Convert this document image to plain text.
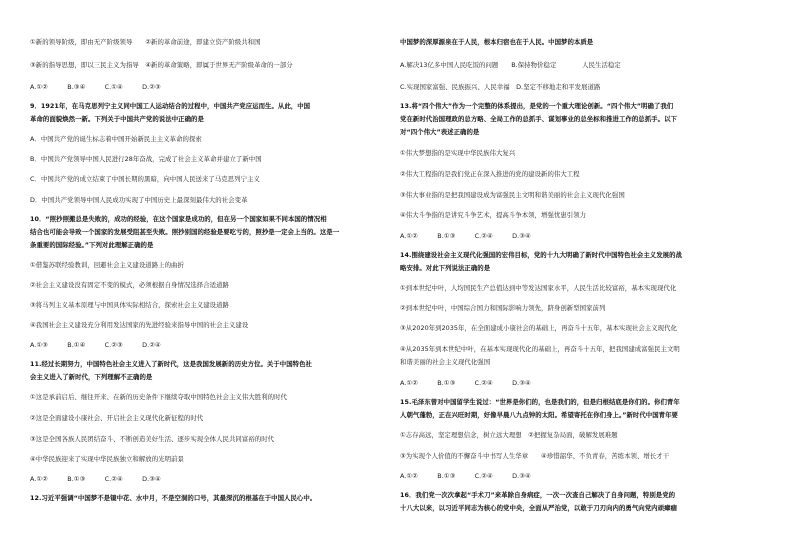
①新的领导阶级，即由无产阶级领导　　②新的革命前途，即建立资产阶级共和国
③新的指导思想，即以三民主义为指导　④新的革命策略，即属于世界无产阶级革命的一部分
A.①②　　　B.③④　　　C.①④　　　D.②③
9．1921年，在马克思列宁主义同中国工人运动结合的过程中，中国共产党应运而生。从此，中国
革命的面貌焕然一新。下列关于中国共产党的说法中正确的是
A．中国共产党的诞生标志着中国开始新民主主义革命的探索
B．中国共产党领导中国人民进行28年奋战，完成了社会主义革命并建立了新中国
C．中国共产党的成立结束了中国长期的黑暗，向中国人民送来了马克思列宁主义
D．中国共产党领导中国人民成功实现了中国历史上最深刻最伟大的社会变革
10．“照抄照搬总是失败的，成功的经验，在这个国家是成功的，但在另一个国家如果不同本国的情况相
结合也可能会导致一个国家的发展受阻甚至失败。照抄别国的经验是要吃亏的，照抄是一定会上当的。这是一
条重要的国际经验。”下列对此理解正确的是
①借鉴苏联经验教训，回避社会主义建设道路上的曲折
②社会主义建设没有固定不变的模式，必须根据自身情况选择合适道路
③将马列主义基本原理与中国具体实际相结合，探索社会主义建设道路
④我国社会主义建设充分利用发达国家的先进经验来指导中国的社会主义建设
A.①③　　　B.①④　　　C.②③　　　D.②④
11.经过长期努力，中国特色社会主义进入了新时代，这是我国发展新的历史方位。关于中国特色社
会主义进入了新时代，下列理解不正确的是
①这是承前启后、继往开来、在新的历史条件下继续夺取中国特色社会主义伟大胜利的时代
②这是全面建设小康社会、开启社会主义现代化新征程的时代
③这是全国各族人民团结奋斗、不断创造美好生活、逐步实现全体人民共同富裕的时代
④中华民族迎来了实现中华民族独立和解放的光明前景
A.①②　　　B.①③　　　C.②④　　　D.③④
12.习近平强调“中国梦不是镜中花、水中月，不是空洞的口号，其最深沉的根基在于中国人民心中。
中国梦的深厚源泉在于人民，根本归宿也在于人民。中国梦的本质是
A.解决13亿多中国人民吃饭的问题　　B.保持物价稳定　　　　人民生活稳定
C.实现国家富强、民族振兴、人民幸福　D.坚定不移地走和平发展道路
13.将“四个伟大”作为一个完整的体系提出，是党的一个重大理论创新。“四个伟大”明确了我们
党在新时代治国理政的总方略、全局工作的总抓手、谋划事业的总坐标和推进工作的总抓手。以下
对“四个伟大”表述正确的是
①伟大梦想指的是实现中华民族伟大复兴
②伟大工程指的是我们党正在深入推进的党的建设新的伟大工程
③伟大事业指的是把我国建设成为富强民主文明和谐美丽的社会主义现代化强国
④伟大斗争指的是讲究斗争艺术，提高斗争本领，增强忧患引领力
A.①②　　　B.①③　　　C.②④　　　D.③④
14.围绕建设社会主义现代化强国的宏伟目标，党的十九大明确了新时代中国特色社会主义发展的战
略安排。对此下列说法正确的是
①到本世纪中叶，人均国民生产总值达到中等发达国家水平，人民生活比较富裕，基本实现现代化
②到本世纪中叶，中国综合国力和国际影响力领先，跻身创新型国家前列
③从2020年到2035年，在全面建成小康社会的基础上，再奋斗十五年，基本实现社会主义现代化
④从2035年到本世纪中叶，在基本实现现代化的基础上，再奋斗十五年，把我国建成富强民主文明
和谐美丽的社会主义现代化强国
A.①②　　　B.①③　　　C.②④　　　D.③④
15.毛泽东曾对中国留学生说过：“世界是你们的，也是我们的，但是归根结底是你们的。你们青年
人朝气蓬勃，正在兴旺时期，好像早晨八九点钟的太阳。希望寄托在你们身上。”新时代中国青年要
①志存高远，坚定理想信念，树立远大理想　②把握复杂局面，破解发展难题
③为实现个人价值的不懈奋斗中书写人生华章　　④珍惜韶华、不负青春，苦练本领、增长才干
A.①②　　　B.①③　　　C.②④　　　D.③④
16．我们党一次次拿起“手术刀”来革除自身病症，一次一次查自己解决了自身问题，特别是党的
十八大以来，以习近平同志为核心的党中央，全面从严治党，以敢于刀刃向内的勇气向党内顽瘴痼
